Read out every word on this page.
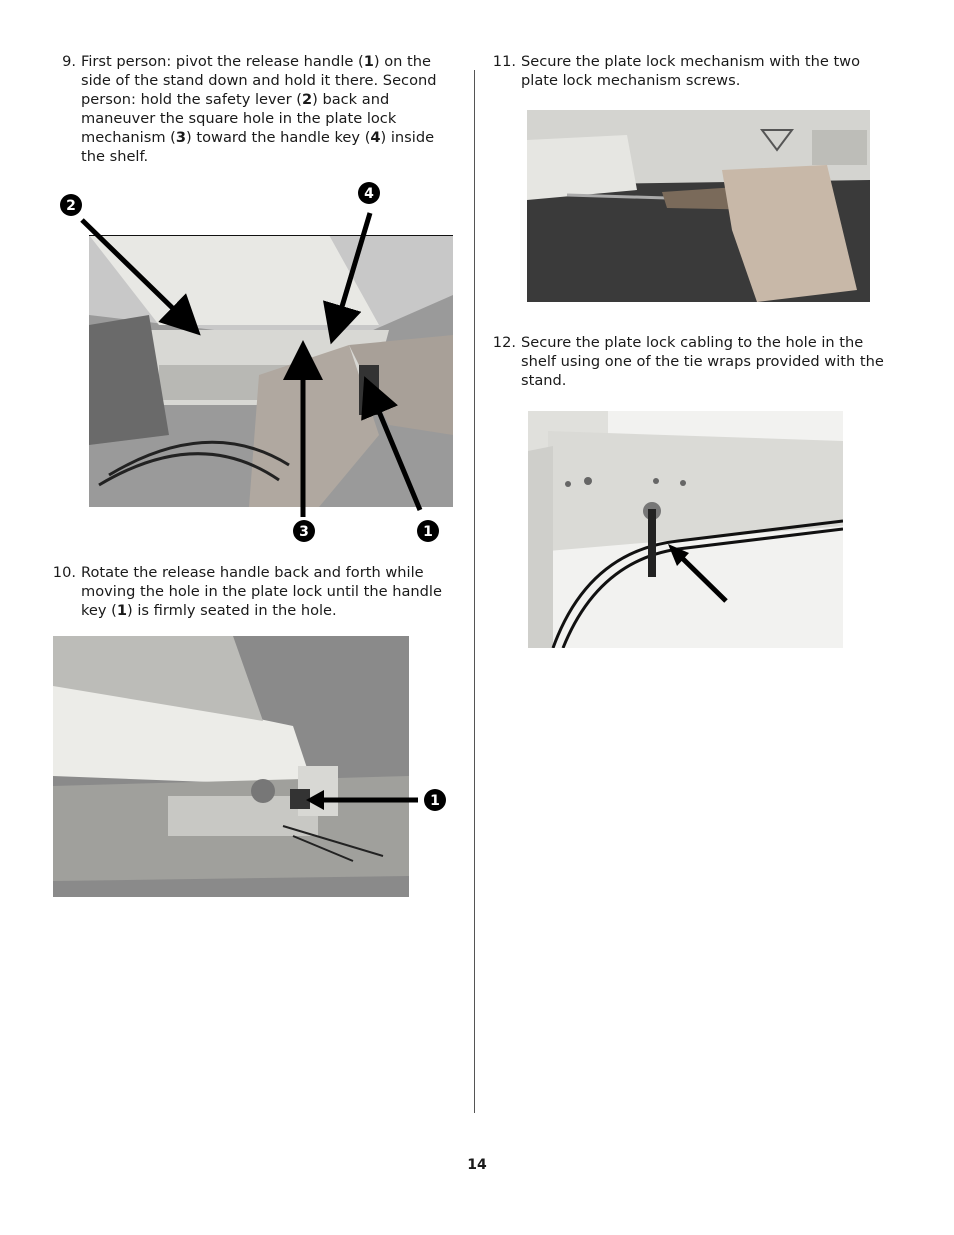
9. First person: pivot the release handle (1) on the side of the stand down and hold it there. Second person: hold the safety lever (2) back and maneuver the square hole in the plate lock mechanism (3) toward the handle key (4) inside the shelf.
2
4
3	1
10. Rotate the release handle back and forth while moving the hole in the plate lock until the handle key (1) is firmly seated in the hole.
1
11. Secure the plate lock mechanism with the two plate lock mechanism screws.
12. Secure the plate lock cabling to the hole in the shelf using one of the tie wraps provided with the stand.
14
